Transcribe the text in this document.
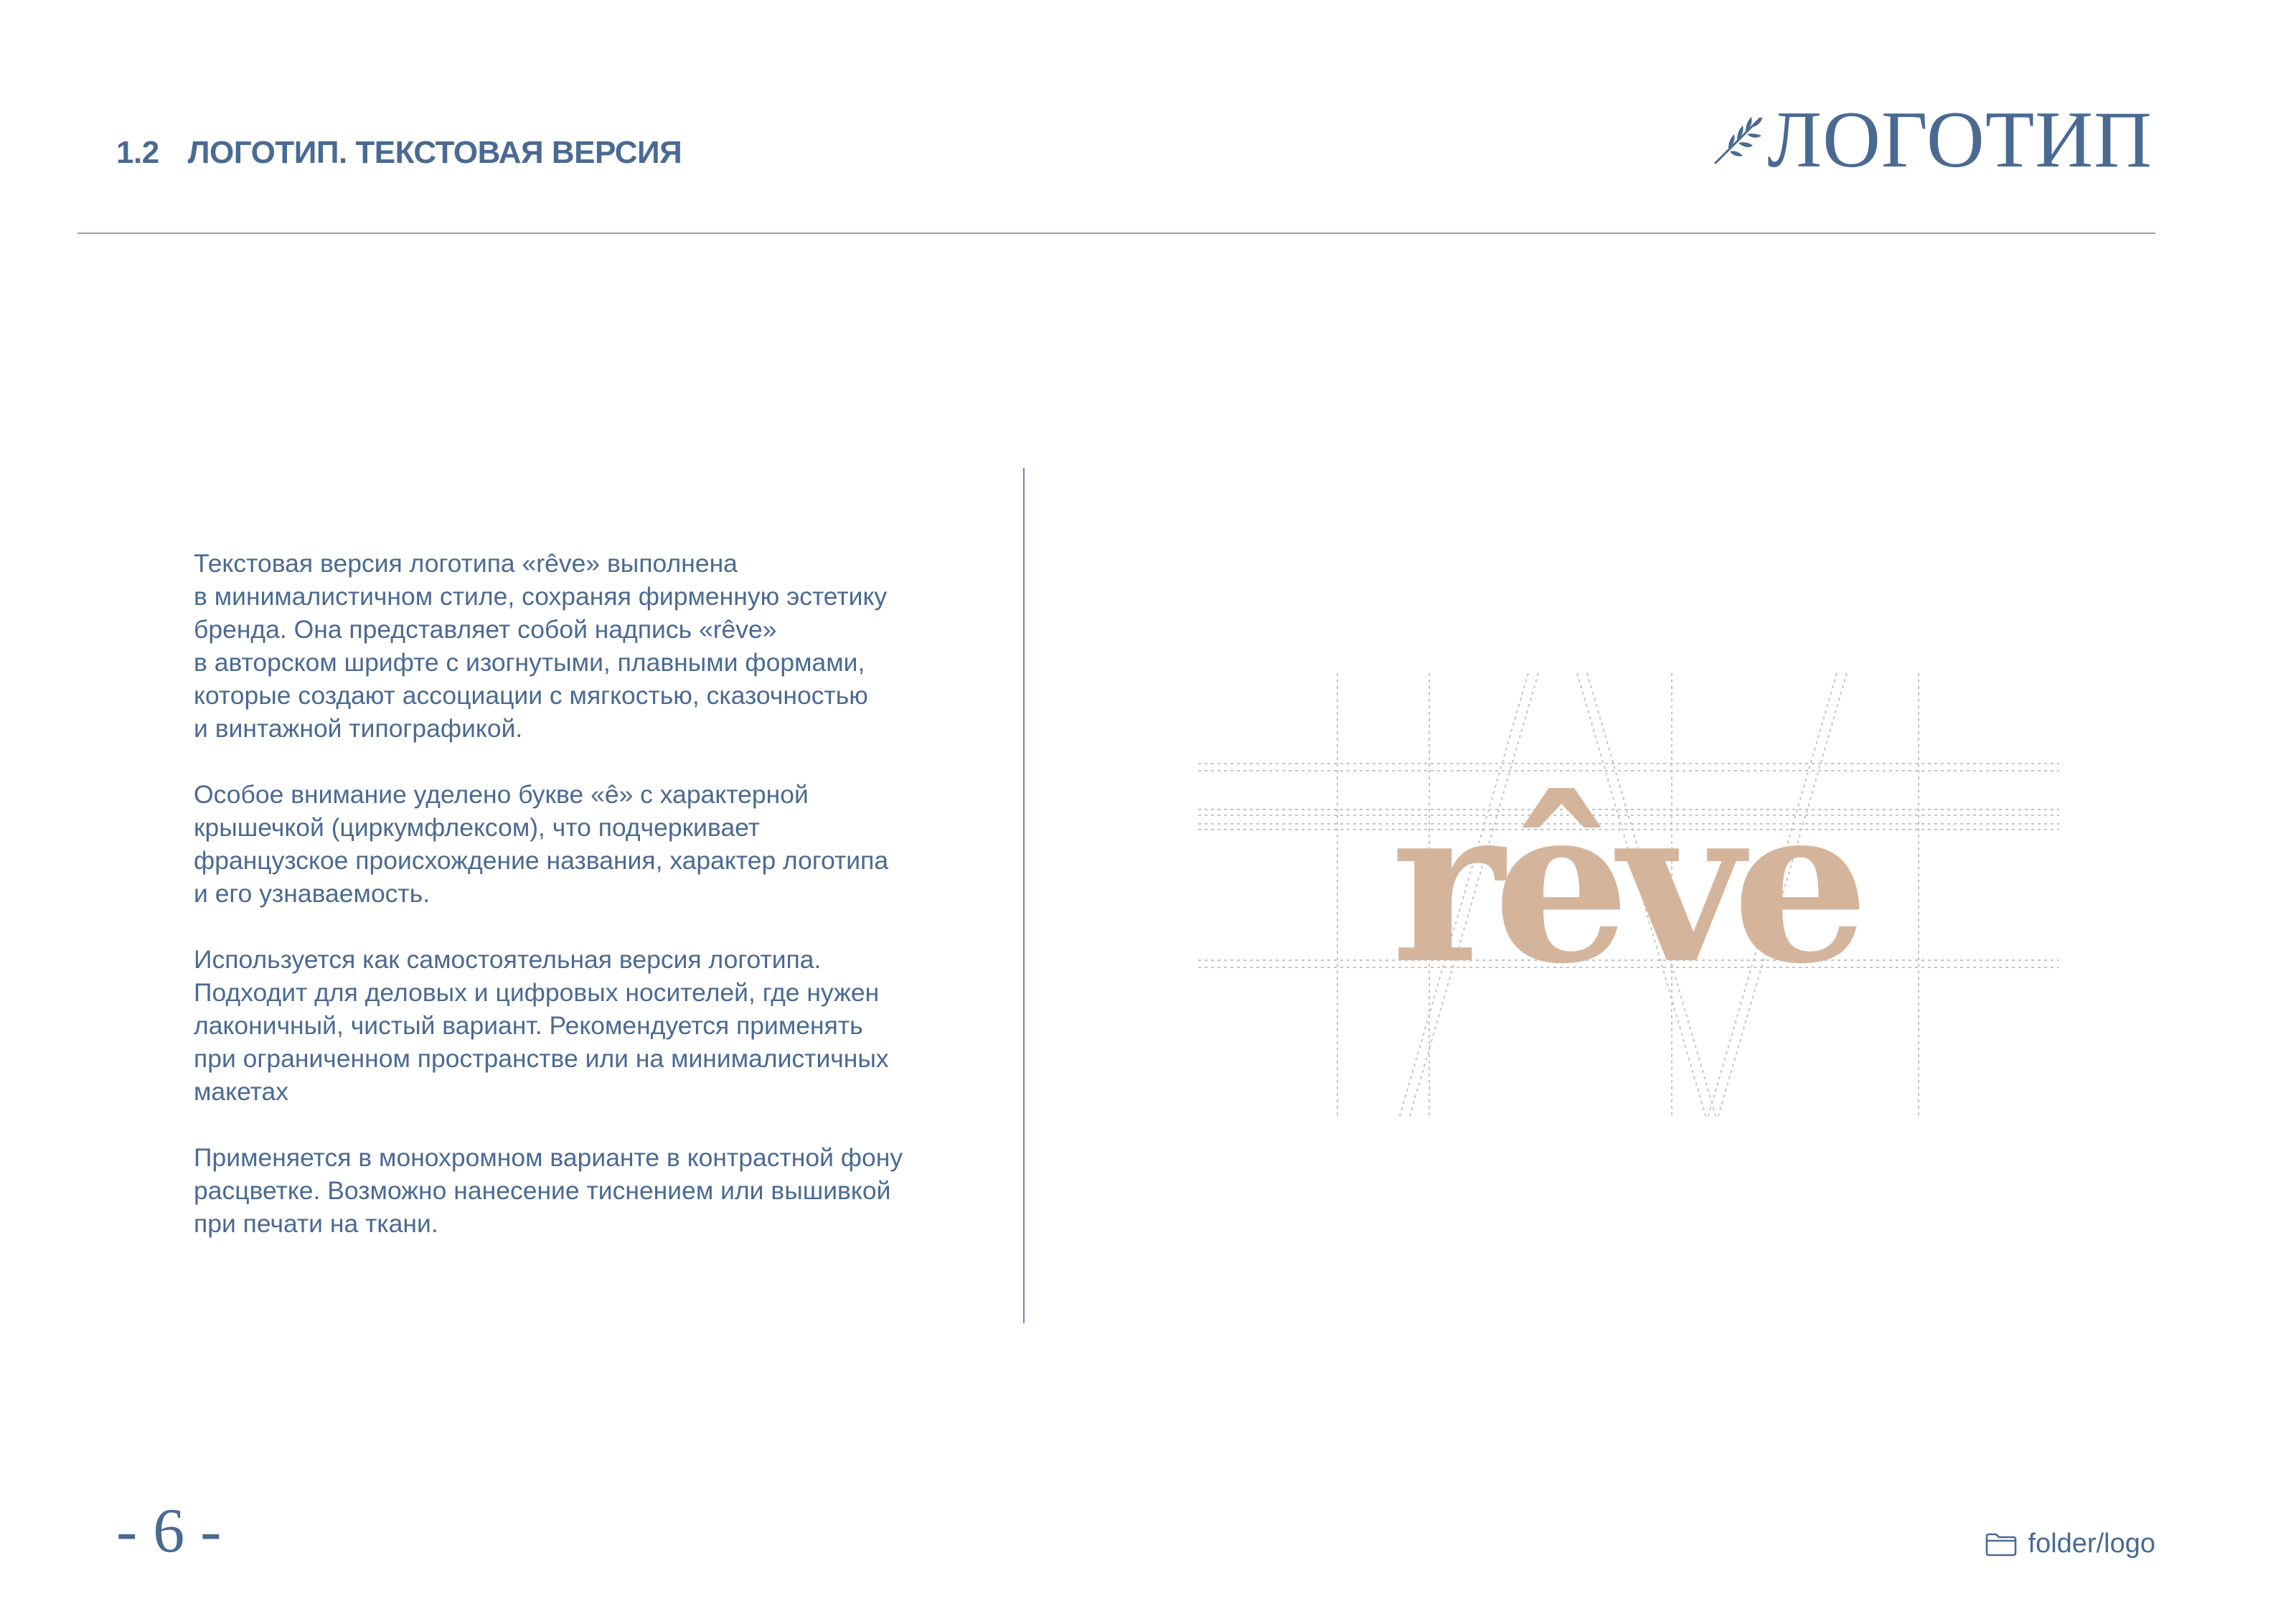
1.2 ЛОГОТИП. ТЕКСТОВАЯ ВЕРСИЯ	ЛОГОТИП

Текстовая версия логотипа «rêve» выполнена
в минималистичном стиле, сохраняя фирменную эстетику
бренда. Она представляет собой надпись «rêve»
в авторском шрифте с изогнутыми, плавными формами,
которые создают ассоциации с мягкостью, сказочностью
и винтажной типографикой.

Особое внимание уделено букве «ê» с характерной
крышечкой (циркумфлексом), что подчеркивает
французское происхождение названия, характер логотипа
и его узнаваемость.

Используется как самостоятельная версия логотипа.
Подходит для деловых и цифровых носителей, где нужен
лаконичный, чистый вариант. Рекомендуется применять
при ограниченном пространстве или на минималистичных
макетах

Применяется в монохромном варианте в контрастной фону
расцветке. Возможно нанесение тиснением или вышивкой
при печати на ткани.

rêve
- 6 -	folder/logo
